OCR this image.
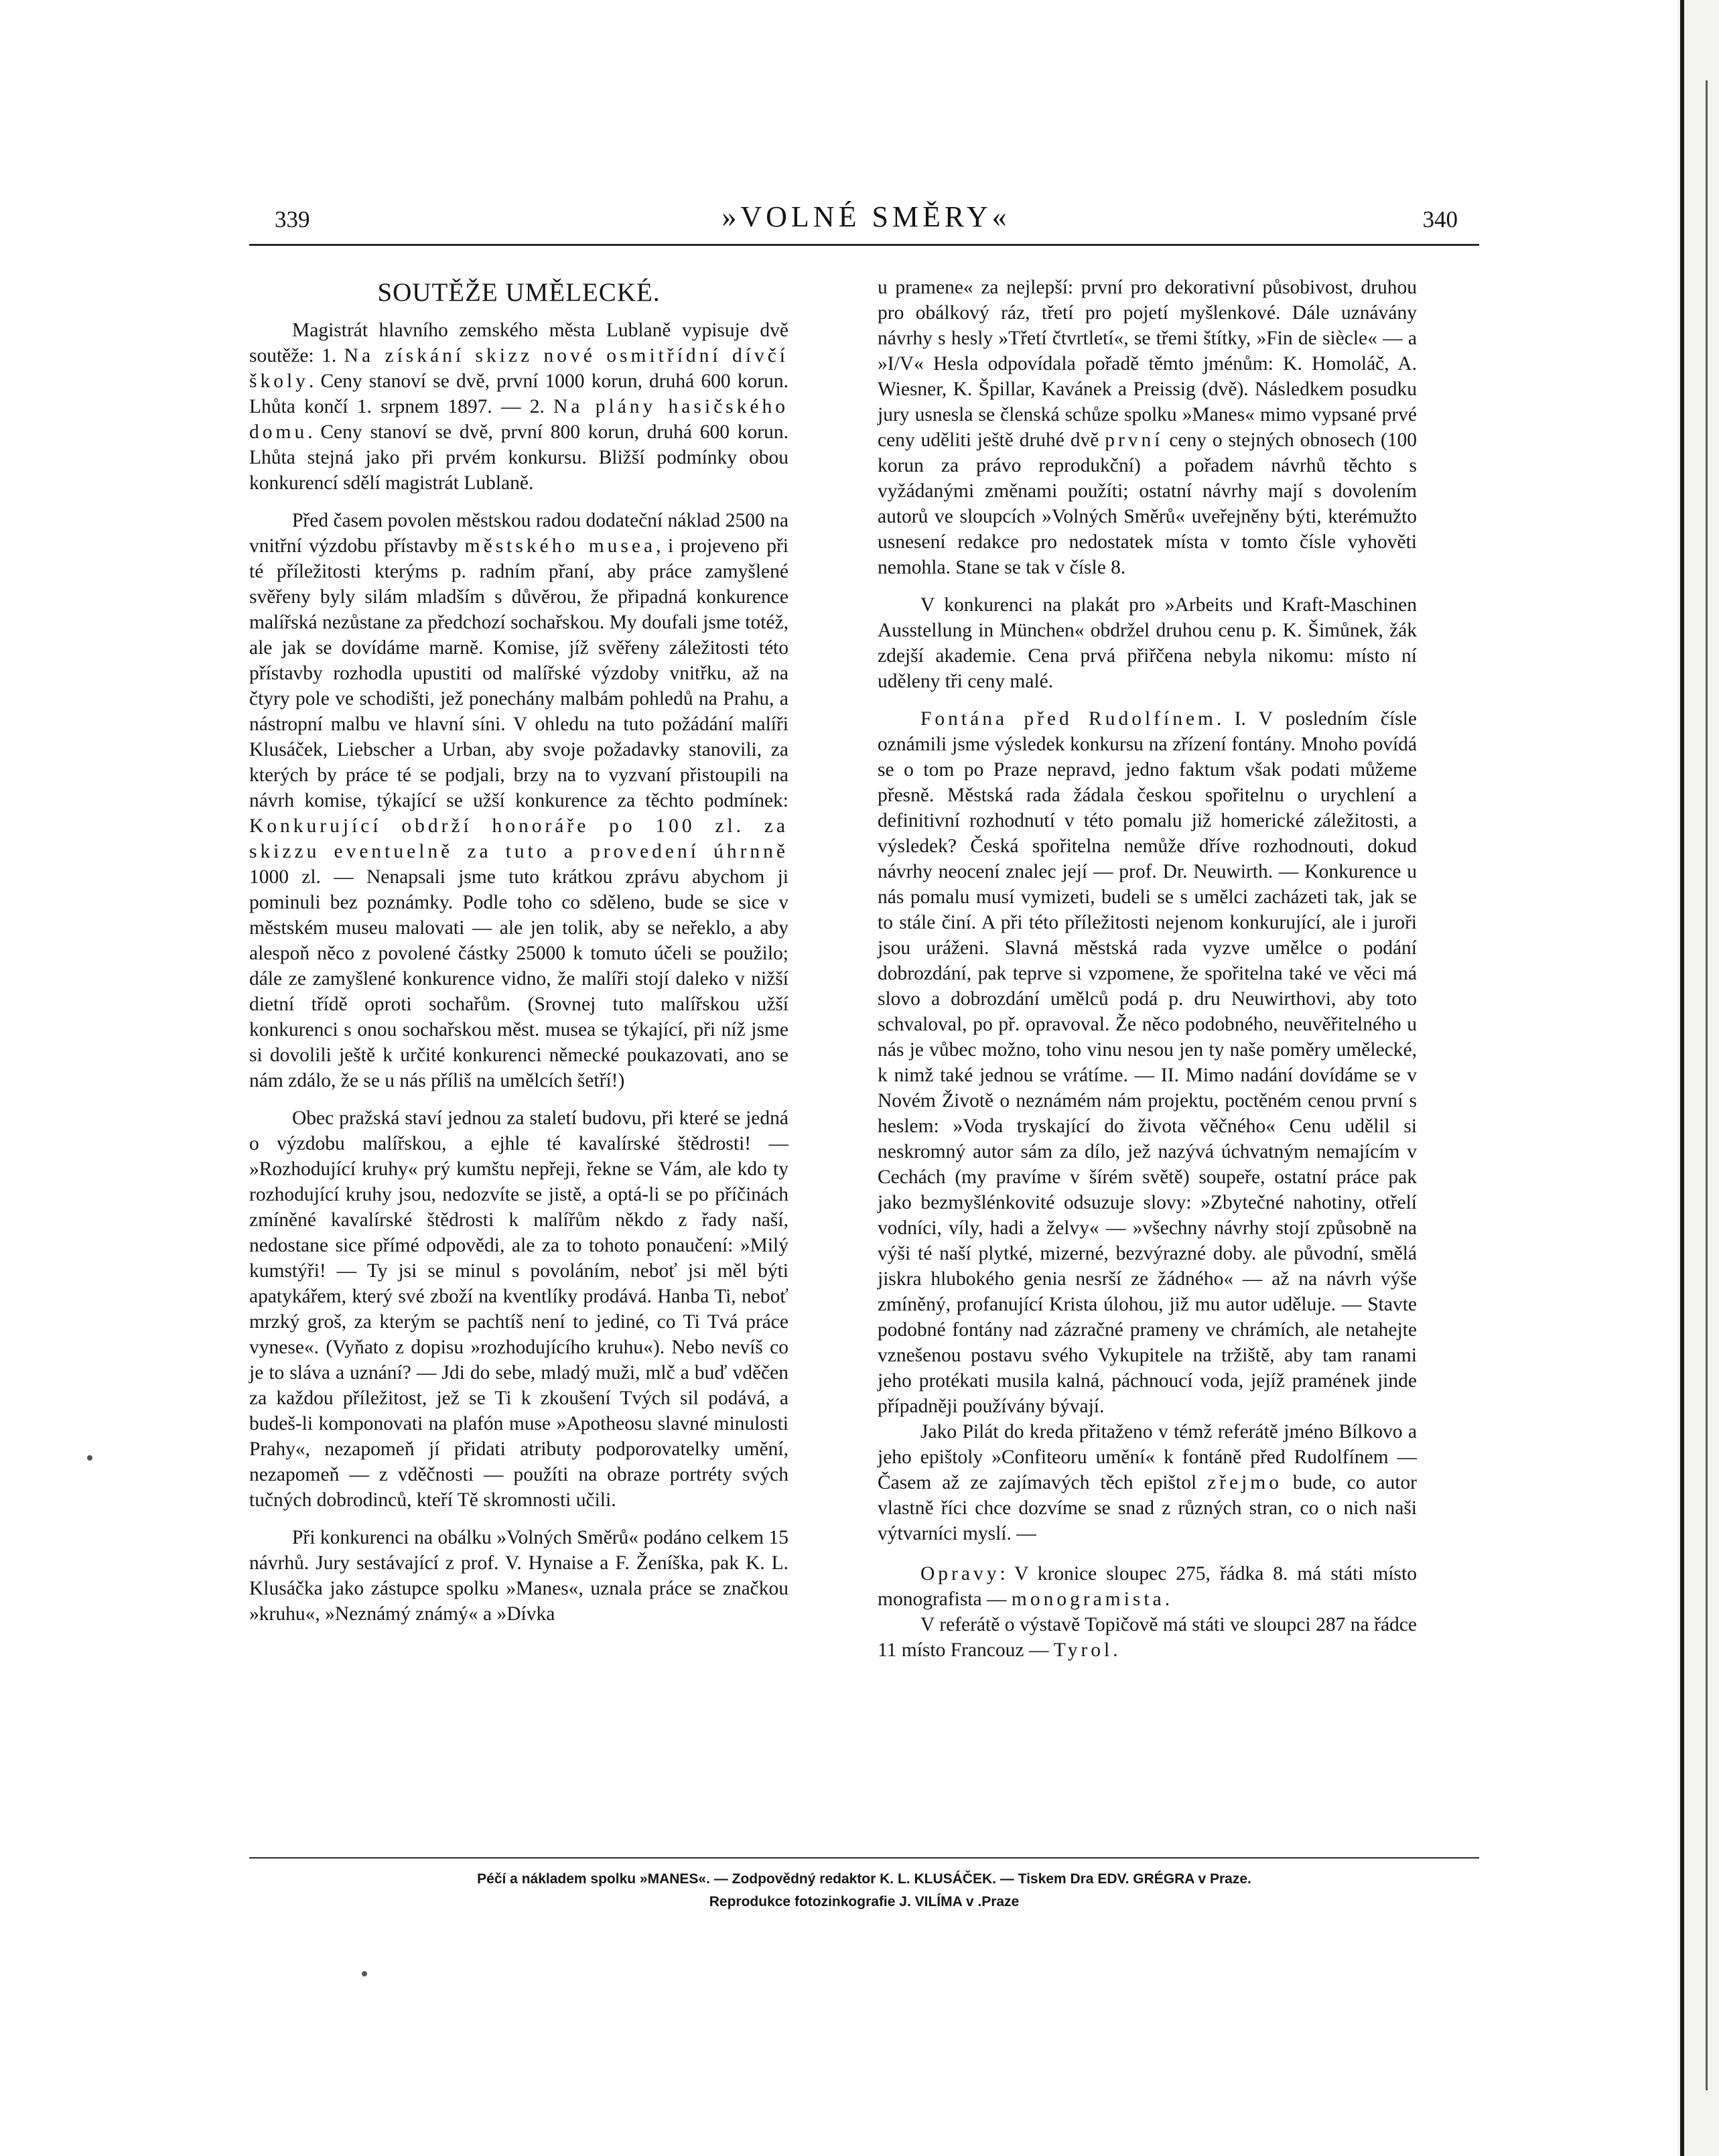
339	»VOLNÉ SMĚRY«	340
SOUTĚŽE UMĚLECKÉ.

Magistrát hlavního zemského města Lublaně vypisuje dvě soutěže: 1. Na získání skizz nové osmitřídní dívčí školy. Ceny stanoví se dvě, první 1000 korun, druhá 600 korun. Lhůta končí 1. srpnem 1897. — 2. Na plány hasičského domu. Ceny stanoví se dvě, první 800 korun, druhá 600 korun. Lhůta stejná jako při prvém konkursu. Bližší podmínky obou konkurencí sdělí magistrát Lublaně.

Před časem povolen městskou radou dodateční náklad 2500 na vnitřní výzdobu přístavby městského musea, i projeveno při té příležitosti kterýms p. radním přaní, aby práce zamyšlené svěřeny byly silám mladším s důvěrou, že připadná konkurence malířská nezůstane za předchozí sochařskou. My doufali jsme totéž, ale jak se dovídáme marně. Komise, jíž svěřeny záležitosti této přístavby rozhodla upustiti od malířské výzdoby vnitřku, až na čtyry pole ve schodišti, jež ponechány malbám pohledů na Prahu, a nástropní malbu ve hlavní síni. V ohledu na tuto požádání malíři Klusáček, Liebscher a Urban, aby svoje požadavky stanovili, za kterých by práce té se podjali, brzy na to vyzvaní přistoupili na návrh komise, týkající se užší konkurence za těchto podmínek: Konkurující obdrží honoráře po 100 zl. za skizzu eventuelně za tuto a provedení úhrnně 1000 zl. — Nenapsali jsme tuto krátkou zprávu abychom ji pominuli bez poznámky. Podle toho co sděleno, bude se sice v městském museu malovati — ale jen tolik, aby se neřeklo, a aby alespoň něco z povolené částky 25000 k tomuto účeli se použilo; dále ze zamyšlené konkurence vidno, že malíři stojí daleko v nižší dietní třídě oproti sochařům. (Srovnej tuto malířskou užší konkurenci s onou sochařskou měst. musea se týkající, při níž jsme si dovolili ještě k určité konkurenci německé poukazovati, ano se nám zdálo, že se u nás příliš na umělcích šetří!)

Obec pražská staví jednou za staletí budovu, při které se jedná o výzdobu malířskou, a ejhle té kavalírské štědrosti! — »Rozhodující kruhy« prý kumštu nepřeji, řekne se Vám, ale kdo ty rozhodující kruhy jsou, nedozvíte se jistě, a optá-li se po příčinách zmíněné kavalírské štědrosti k malířům někdo z řady naší, nedostane sice přímé odpovědi, ale za to tohoto ponaučení: »Milý kumstýři! — Ty jsi se minul s povoláním, neboť jsi měl býti apatykářem, který své zboží na kventlíky prodává. Hanba Ti, neboť mrzký groš, za kterým se pachtíš není to jediné, co Ti Tvá práce vynese«. (Vyňato z dopisu »rozhodujícího kruhu«). Nebo nevíš co je to sláva a uznání? — Jdi do sebe, mladý muži, mlč a buď vděčen za každou příležitost, jež se Ti k zkoušení Tvých sil podává, a budeš-li komponovati na plafón muse »Apotheosu slavné minulosti Prahy«, nezapomeň jí přidati atributy podporovatelky umění, nezapomeň — z vděčnosti — použíti na obraze portréty svých tučných dobrodinců, kteří Tě skromnosti učili.

Při konkurenci na obálku »Volných Směrů« podáno celkem 15 návrhů. Jury sestávající z prof. V. Hynaise a F. Ženíška, pak K. L. Klusáčka jako zástupce spolku »Manes«, uznala práce se značkou »kruhu«, »Neznámý známý« a »Dívka

u pramene« za nejlepší: první pro dekorativní působivost, druhou pro obálkový ráz, třetí pro pojetí myšlenkové. Dále uznávány návrhy s hesly »Třetí čtvrtletí«, se třemi štítky, »Fin de siècle« — a »I/V« Hesla odpovídala pořadě těmto jménům: K. Homoláč, A. Wiesner, K. Špillar, Kavánek a Preissig (dvě). Následkem posudku jury usnesla se členská schůze spolku »Manes« mimo vypsané prvé ceny uděliti ještě druhé dvě první ceny o stejných obnosech (100 korun za právo reprodukční) a pořadem návrhů těchto s vyžádanými změnami použíti; ostatní návrhy mají s dovolením autorů ve sloupcích »Volných Směrů« uveřejněny býti, kterémužto usnesení redakce pro nedostatek místa v tomto čísle vyhověti nemohla. Stane se tak v čísle 8.

V konkurenci na plakát pro »Arbeits und Kraft-Maschinen Ausstellung in München« obdržel druhou cenu p. K. Šimůnek, žák zdejší akademie. Cena prvá přiřčena nebyla nikomu: místo ní uděleny tři ceny malé.

Fontána před Rudolfínem. I. V posledním čísle oznámili jsme výsledek konkursu na zřízení fontány. Mnoho povídá se o tom po Praze nepravd, jedno faktum však podati můžeme přesně. Městská rada žádala českou spořitelnu o urychlení a definitivní rozhodnutí v této pomalu již homerické záležitosti, a výsledek? Česká spořitelna nemůže dříve rozhodnouti, dokud návrhy neocení znalec její — prof. Dr. Neuwirth. — Konkurence u nás pomalu musí vymizeti, budeli se s umělci zacházeti tak, jak se to stále činí. A při této příležitosti nejenom konkurující, ale i juroři jsou uráženi. Slavná městská rada vyzve umělce o podání dobrozdání, pak teprve si vzpomene, že spořitelna také ve věci má slovo a dobrozdání umělců podá p. dru Neuwirthovi, aby toto schvaloval, po př. opravoval. Že něco podobného, neuvěřitelného u nás je vůbec možno, toho vinu nesou jen ty naše poměry umělecké, k nimž také jednou se vrátíme. — II. Mimo nadání dovídáme se v Novém Životě o neznámém nám projektu, poctěném cenou první s heslem: »Voda tryskající do života věčného« Cenu udělil si neskromný autor sám za dílo, jež nazývá úchvatným nemajícím v Cechách (my pravíme v šírém světě) soupeře, ostatní práce pak jako bezmyšlénkovité odsuzuje slovy: »Zbytečné nahotiny, otřelí vodníci, víly, hadi a želvy« — »všechny návrhy stojí způsobně na výši té naší plytké, mizerné, bezvýrazné doby. ale původní, smělá jiskra hlubokého genia nesrší ze žádného« — až na návrh výše zmíněný, profanující Krista úlohou, již mu autor uděluje. — Stavte podobné fontány nad zázračné prameny ve chrámích, ale netahejte vznešenou postavu svého Vykupitele na tržiště, aby tam ranami jeho protékati musila kalná, páchnoucí voda, jejíž pramének jinde případněji používány bývají.

Jako Pilát do kreda přitaženo v témž referátě jméno Bílkovo a jeho epištoly »Confiteoru umění« k fontáně před Rudolfínem — Časem až ze zajímavých těch epištol zřejmo bude, co autor vlastně říci chce dozvíme se snad z různých stran, co o nich naši výtvarníci myslí. —

Opravy: V kronice sloupec 275, řádka 8. má státi místo monografista — monogramista.

V referátě o výstavě Topičově má státi ve sloupci 287 na řádce 11 místo Francouz — Tyrol.

Péčí a nákladem spolku »MANES«. — Zodpovědný redaktor K. L. KLUSÁČEK. — Tiskem Dra EDV. GRÉGRA v Praze.
Reprodukce fotozinkografie J. VILÍMA v .Praze
